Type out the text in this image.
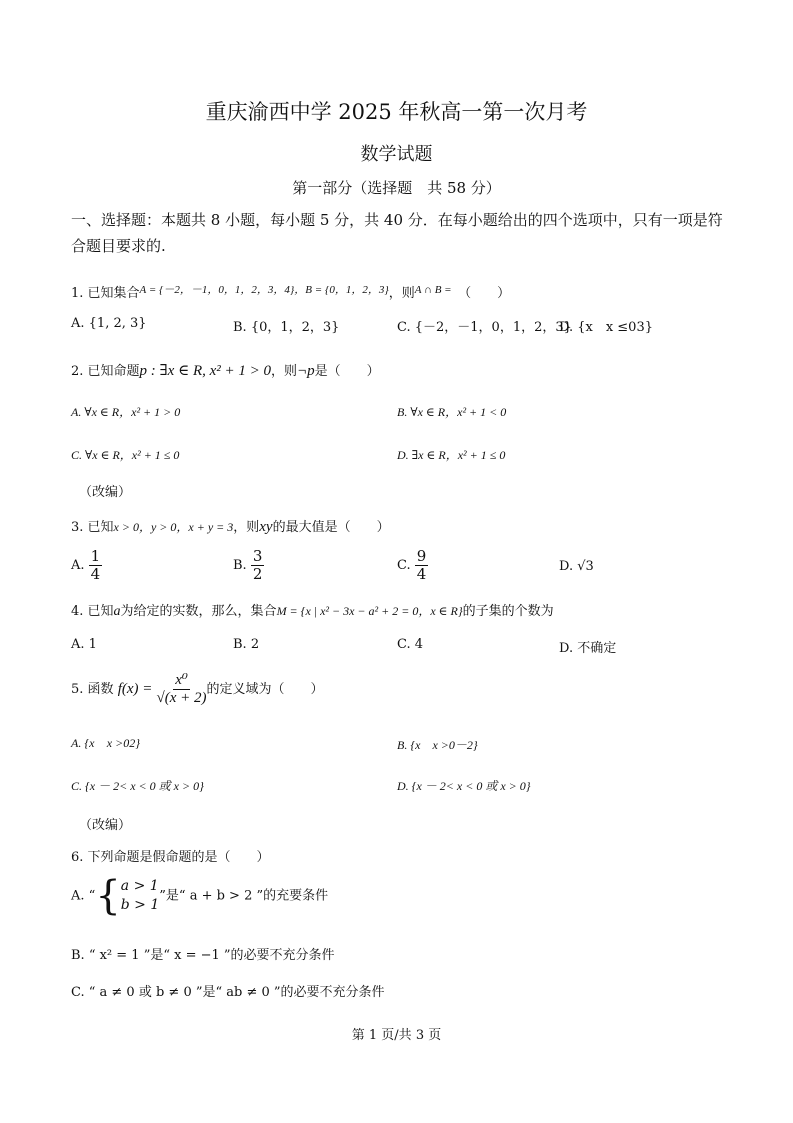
重庆渝西中学 2025 年秋高一第一次月考
数学试题
第一部分（选择题　共 58 分）
一、选择题：本题共 8 小题，每小题 5 分，共 40 分．在每小题给出的四个选项中，只有一项是符合题目要求的.
1. 已知集合$^{A = \{-2,-1,0,1,2,3,4\},B = \{0,1,2,3\}}$，则$^{A \cap B =}$　 （　　）
A. {1, 2, 3}	B. {0，1，2，3}	C. {－2，－1，0，1，2，3}
D. {x　x ≤03}
2. 已知命题p : ∃x ∈ R, x² + 1 > 0，则¬p是（　　）
A. ∀x ∈ R，x² + 1 > 0	B. ∀x ∈ R，x² + 1 < 0
C. ∀x ∈ R，x² + 1 ≤ 0	D. ∃x ∈ R，x² + 1 ≤ 0
（改编）
3. 已知x > 0，y > 0，x + y = 3，则xy的最大值是（　　）
A. $\frac{1}{4}$	B. $\frac{3}{2}$	C. $\frac{9}{4}$	D. √3
4. 已知a为给定的实数，那么，集合M = {x | x² − 3x − a² + 2 = 0，x ∈ R}的子集的个数为
A. 1	B. 2	C. 4	D. 不确定
5. 函数 $f(x) = \frac{\text{x⁰}}{√(x + 2)}$ 的定义域为（　　）
A. {x⃞ x >02}	B. {x　x >0－2}
C. {x － 2< x < 0 或 x > 0}	D. {x － 2< x < 0 或 x > 0}
（改编）
6. 下列命题是假命题的是（　　）
A. “ { a > 1
b > 1
”是“ a + b > 2 ”的充要条件
B. “ x² = 1 ”是“ x = −1 ”的必要不充分条件
C. “ a ≠ 0 或 b ≠ 0 ”是“ ab ≠ 0 ”的必要不充分条件
第 1 页/共 3 页
